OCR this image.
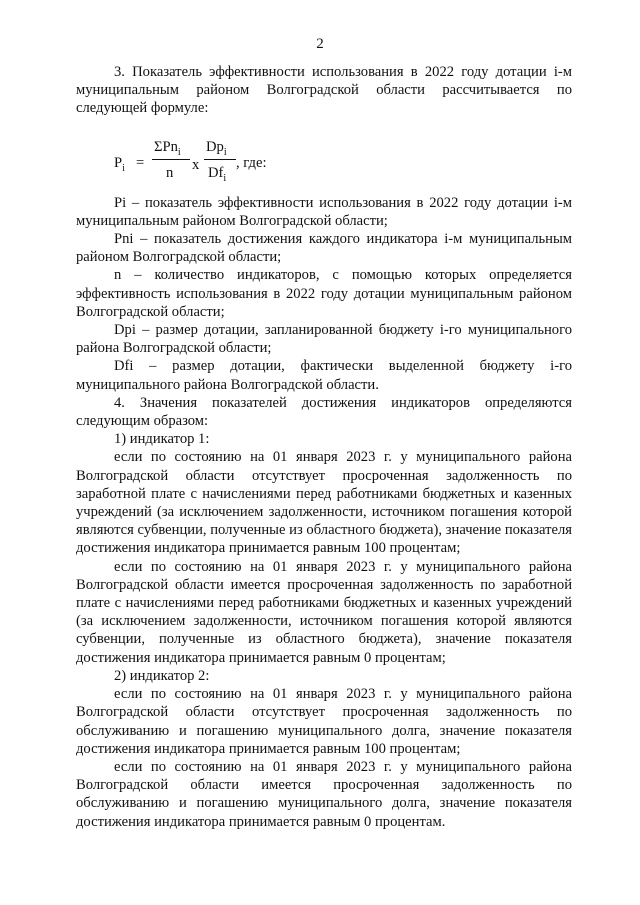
2

3. Показатель эффективности использования в 2022 году дотации i-м муниципальным районом Волгоградской области рассчитывается по следующей формуле:

$P_i$ =
ΣPn$_i$
n x
$Dp_i$
$Df_i$
, где:

Pi – показатель эффективности использования в 2022 году дотации i-м муниципальным районом Волгоградской области;

Pni – показатель достижения каждого индикатора i-м муниципальным районом Волгоградской области;

n – количество индикаторов, с помощью которых определяется эффективность использования в 2022 году дотации муниципальным районом Волгоградской области;

Dpi – размер дотации, запланированной бюджету i-го муниципального района Волгоградской области;

Dfi – размер дотации, фактически выделенной бюджету i-го муниципального района Волгоградской области.

4. Значения показателей достижения индикаторов определяются следующим образом:

1) индикатор 1:

если по состоянию на 01 января 2023 г. у муниципального района Волгоградской области отсутствует просроченная задолженность по заработной плате с начислениями перед работниками бюджетных и казенных учреждений (за исключением задолженности, источником погашения которой являются субвенции, полученные из областного бюджета), значение показателя достижения индикатора принимается равным 100 процентам;

если по состоянию на 01 января 2023 г. у муниципального района Волгоградской области имеется просроченная задолженность по заработной плате с начислениями перед работниками бюджетных и казенных учреждений (за исключением задолженности, источником погашения которой являются субвенции, полученные из областного бюджета), значение показателя достижения индикатора принимается равным 0 процентам;

2) индикатор 2:

если по состоянию на 01 января 2023 г. у муниципального района Волгоградской области отсутствует просроченная задолженность по обслуживанию и погашению муниципального долга, значение показателя достижения индикатора принимается равным 100 процентам;

если по состоянию на 01 января 2023 г. у муниципального района Волгоградской области имеется просроченная задолженность по обслуживанию и погашению муниципального долга, значение показателя достижения индикатора принимается равным 0 процентам.
